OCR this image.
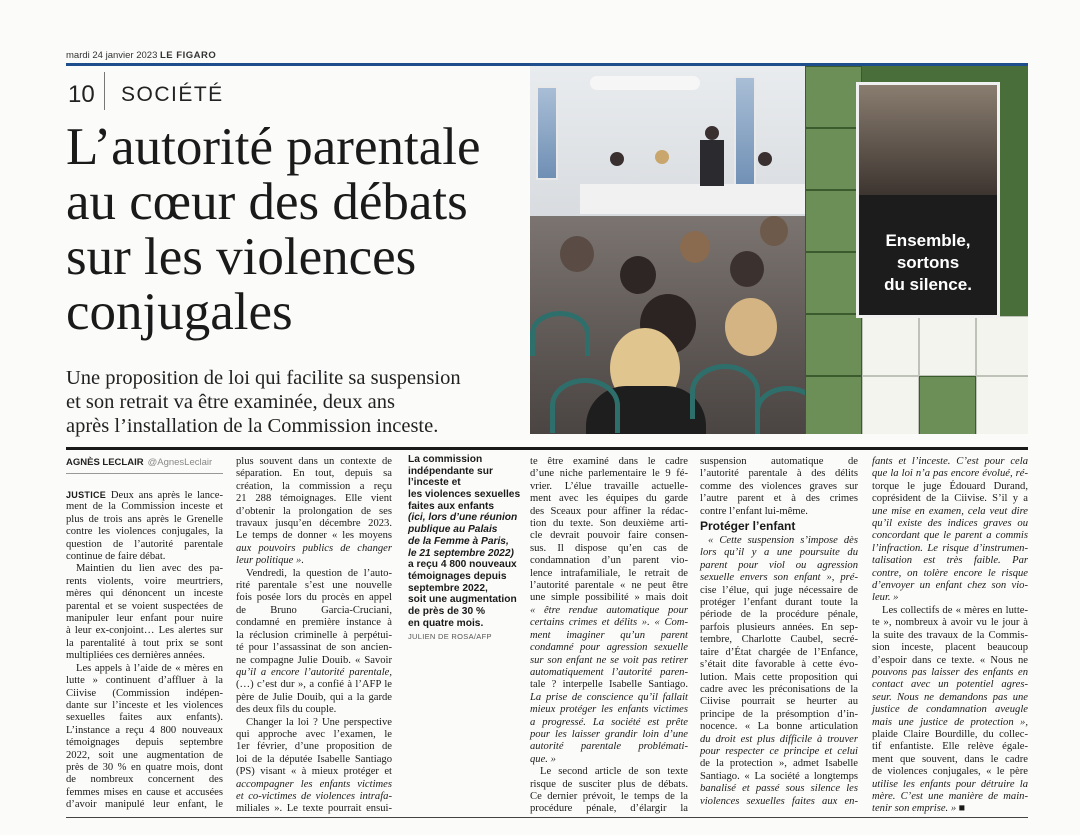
mardi 24 janvier 2023 LE FIGARO
10 SOCIÉTÉ
L’autorité parentale
au cœur des débats
sur les violences
conjugales

Une proposition de loi qui facilite sa suspension
et son retrait va être examinée, deux ans
après l’installation de la Commission inceste.

Ensemble, sortons
du silence.
AGNÈS LECLAIR @AgnesLeclair
JUSTICE Deux ans après le lance-
ment de la Commission inceste et
plus de trois ans après le Grenelle
contre les violences conjugales, la
question de l’autorité parentale
continue de faire débat.
Maintien du lien avec des pa-
rents violents, voire meurtriers,
mères qui dénoncent un inceste
parental et se voient suspectées de
manipuler leur enfant pour nuire
à leur ex-conjoint… Les alertes sur
la parentalité à tout prix se sont
multipliées ces dernières années.
Les appels à l’aide de « mères en
lutte » continuent d’affluer à la
Ciivise (Commission indépen-
dante sur l’inceste et les violences
sexuelles faites aux enfants).
L’instance a reçu 4 800 nouveaux
témoignages depuis septembre
2022, soit une augmentation de
près de 30 % en quatre mois, dont
de nombreux concernent des
femmes mises en cause et accusées
d’avoir manipulé leur enfant, le
plus souvent dans un contexte de
séparation. En tout, depuis sa
création, la commission a reçu
21 288 témoignages. Elle vient
d’obtenir la prolongation de ses
travaux jusqu’en décembre 2023.
Le temps de donner « les moyens
aux pouvoirs publics de changer
leur politique ».
Vendredi, la question de l’auto-
rité parentale s’est une nouvelle
fois posée lors du procès en appel
de Bruno Garcia-Cruciani,
condamné en première instance à
la réclusion criminelle à perpétui-
té pour l’assassinat de son ancien-
ne compagne Julie Douib. « Savoir
qu’il a encore l’autorité parentale,
(…) c’est dur », a confié à l’AFP le
père de Julie Douib, qui a la garde
des deux fils du couple.
Changer la loi ? Une perspective
qui approche avec l’examen, le
1er février, d’une proposition de
loi de la députée Isabelle Santiago
(PS) visant « à mieux protéger et
accompagner les enfants victimes
et co-victimes de violences intrafa-
miliales ». Le texte pourrait ensui-
La commission
indépendante sur
l’inceste et
les violences sexuelles
faites aux enfants
(ici, lors d’une réunion
publique au Palais
de la Femme à Paris,
le 21 septembre 2022)
a reçu 4 800 nouveaux
témoignages depuis
septembre 2022,
soit une augmentation
de près de 30 %
en quatre mois.
JULIEN DE ROSA/AFP
te être examiné dans le cadre
d’une niche parlementaire le 9 fé-
vrier. L’élue travaille actuelle-
ment avec les équipes du garde
des Sceaux pour affiner la rédac-
tion du texte. Son deuxième arti-
cle devrait pouvoir faire consen-
sus. Il dispose qu’en cas de
condamnation d’un parent vio-
lence intrafamiliale, le retrait de
l’autorité parentale « ne peut être
une simple possibilité » mais doit
« être rendue automatique pour
certains crimes et délits ». « Com-
ment imaginer qu’un parent
condamné pour agression sexuelle
sur son enfant ne se voit pas retirer
automatiquement l’autorité paren-
tale ? interpelle Isabelle Santiago.
La prise de conscience qu’il fallait
mieux protéger les enfants victimes
a progressé. La société est prête
pour les laisser grandir loin d’une
autorité parentale problémati-
que. »
Le second article de son texte
risque de susciter plus de débats.
Ce dernier prévoit, le temps de la
procédure pénale, d’élargir la
suspension automatique de
l’autorité parentale à des délits
comme des violences graves sur
l’autre parent et à des crimes
contre l’enfant lui-même.
Protéger l’enfant
« Cette suspension s’impose dès
lors qu’il y a une poursuite du
parent pour viol ou agression
sexuelle envers son enfant », pré-
cise l’élue, qui juge nécessaire de
protéger l’enfant durant toute la
période de la procédure pénale,
parfois plusieurs années. En sep-
tembre, Charlotte Caubel, secré-
taire d’État chargée de l’Enfance,
s’était dite favorable à cette évo-
lution. Mais cette proposition qui
cadre avec les préconisations de la
Ciivise pourrait se heurter au
principe de la présomption d’in-
nocence. « La bonne articulation
du droit est plus difficile à trouver
pour respecter ce principe et celui
de la protection », admet Isabelle
Santiago. « La société a longtemps
banalisé et passé sous silence les
violences sexuelles faites aux en-
fants et l’inceste. C’est pour cela
que la loi n’a pas encore évolué, ré-
torque le juge Édouard Durand,
coprésident de la Ciivise. S’il y a
une mise en examen, cela veut dire
qu’il existe des indices graves ou
concordant que le parent a commis
l’infraction. Le risque d’instrumen-
talisation est très faible. Par
contre, on tolère encore le risque
d’envoyer un enfant chez son vio-
leur. »
Les collectifs de « mères en lutte-
te », nombreux à avoir vu le jour à
la suite des travaux de la Commis-
sion inceste, placent beaucoup
d’espoir dans ce texte. « Nous ne
pouvons pas laisser des enfants en
contact avec un potentiel agres-
seur. Nous ne demandons pas une
justice de condamnation aveugle
mais une justice de protection »,
plaide Claire Bourdille, du collec-
tif enfantiste. Elle relève égale-
ment que souvent, dans le cadre
de violences conjugales, « le père
utilise les enfants pour détruire la
mère. C’est une manière de main-
tenir son emprise. » ■
